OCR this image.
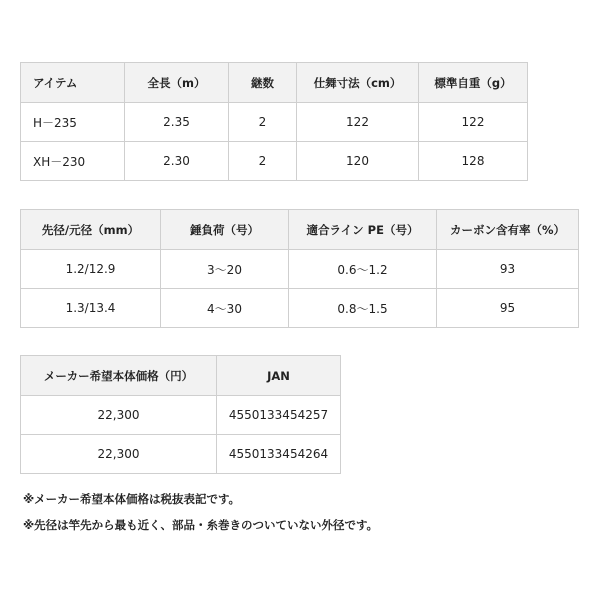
アイテム	全長（m）	継数	仕舞寸法（cm）	標準自重（g）
H－235	2.35	2	122	122
XH－230	2.30	2	120	128
先径/元径（mm）	錘負荷（号）	適合ライン PE（号）	カーボン含有率（%）
1.2/12.9	3～20	0.6～1.2	93
1.3/13.4	4～30	0.8～1.5	95
メーカー希望本体価格（円）	JAN
22,300	4550133454257
22,300	4550133454264
※メーカー希望本体価格は税抜表記です。
※先径は竿先から最も近く、部品・糸巻きのついていない外径です。
